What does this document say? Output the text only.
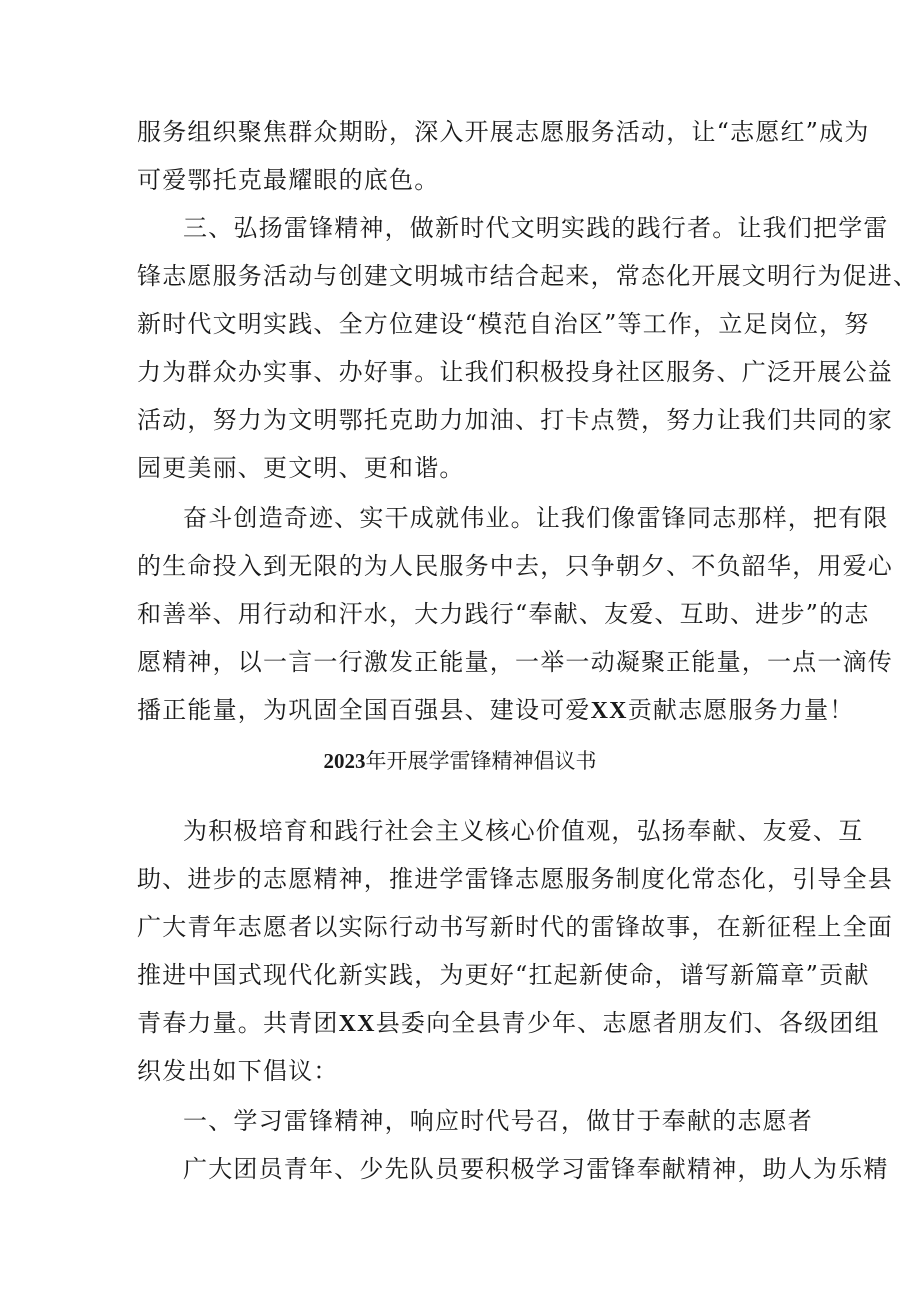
服务组织聚焦群众期盼，深入开展志愿服务活动，让“志愿红”成为
可爱鄂托克最耀眼的底色。
三、弘扬雷锋精神，做新时代文明实践的践行者。让我们把学雷
锋志愿服务活动与创建文明城市结合起来，常态化开展文明行为促进、
新时代文明实践、全方位建设“模范自治区”等工作，立足岗位，努
力为群众办实事、办好事。让我们积极投身社区服务、广泛开展公益
活动，努力为文明鄂托克助力加油、打卡点赞，努力让我们共同的家
园更美丽、更文明、更和谐。
奋斗创造奇迹、实干成就伟业。让我们像雷锋同志那样，把有限
的生命投入到无限的为人民服务中去，只争朝夕、不负韶华，用爱心
和善举、用行动和汗水，大力践行“奉献、友爱、互助、进步”的志
愿精神，以一言一行激发正能量，一举一动凝聚正能量，一点一滴传
播正能量，为巩固全国百强县、建设可爱XX贡献志愿服务力量！
2023年开展学雷锋精神倡议书
为积极培育和践行社会主义核心价值观，弘扬奉献、友爱、互
助、进步的志愿精神，推进学雷锋志愿服务制度化常态化，引导全县
广大青年志愿者以实际行动书写新时代的雷锋故事，在新征程上全面
推进中国式现代化新实践，为更好“扛起新使命，谱写新篇章”贡献
青春力量。共青团XX县委向全县青少年、志愿者朋友们、各级团组
织发出如下倡议：
一、学习雷锋精神，响应时代号召，做甘于奉献的志愿者
广大团员青年、少先队员要积极学习雷锋奉献精神，助人为乐精
